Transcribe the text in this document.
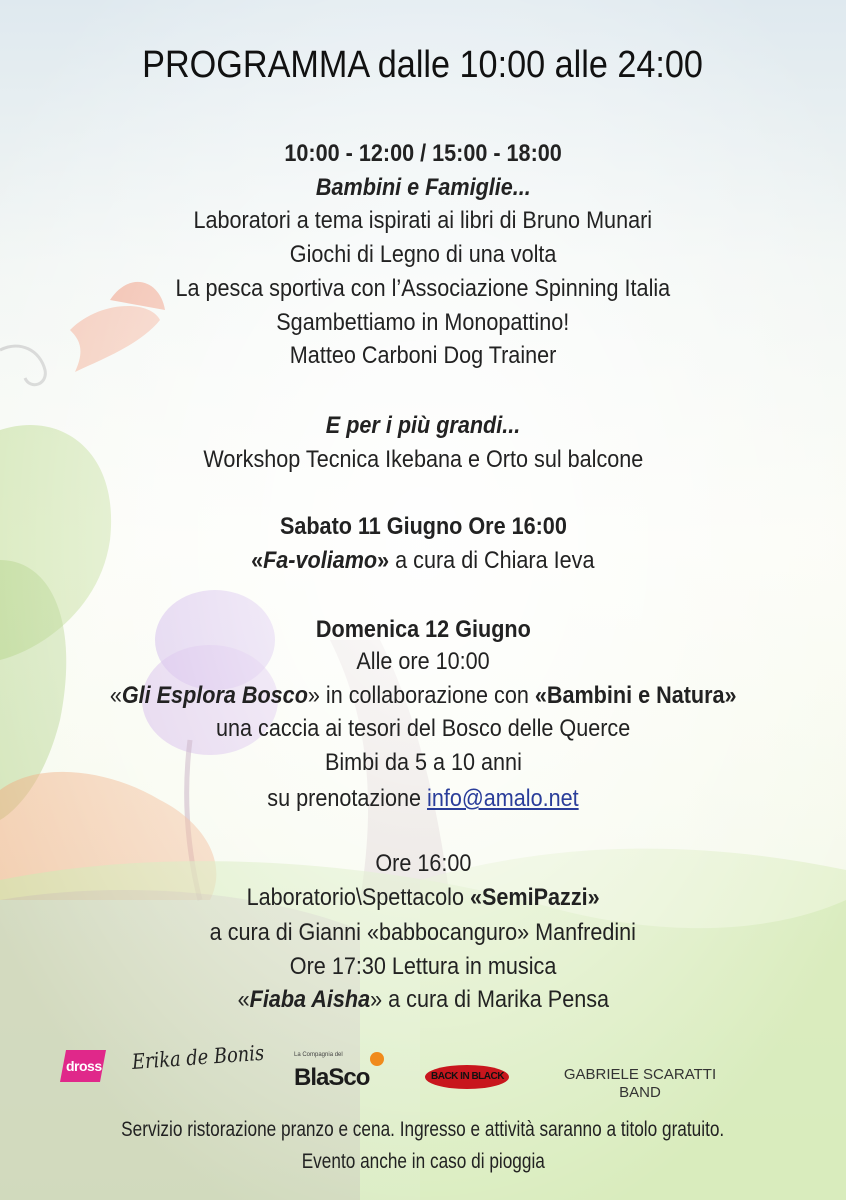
PROGRAMMA dalle 10:00 alle 24:00
10:00 - 12:00 / 15:00 - 18:00
Bambini e Famiglie...
Laboratori a tema ispirati ai libri di Bruno Munari
Giochi di Legno di una volta
La pesca sportiva con l’Associazione Spinning Italia
Sgambettiamo in Monopattino!
Matteo Carboni Dog Trainer
E per i più grandi...
Workshop Tecnica Ikebana e Orto sul balcone
Sabato 11 Giugno Ore 16:00
«Fa-voliamo» a cura di Chiara Ieva
Domenica 12 Giugno
Alle ore 10:00
«Gli Esplora Bosco» in collaborazione con «Bambini e Natura»
una caccia ai tesori del Bosco delle Querce
Bimbi da 5 a 10 anni
su prenotazione info@amalo.net
Ore 16:00
Laboratorio\Spettacolo «SemiPazzi»
a cura di Gianni «babbocanguro» Manfredini
Ore 17:30 Lettura in musica
«Fiaba Aisha» a cura di Marika Pensa
dross Erika de Bonis	La Compagnia del
BlaSco	BACK IN BLACK	GABRIELE SCARATTI
BAND
Servizio ristorazione pranzo e cena. Ingresso e attività saranno a titolo gratuito.
Evento anche in caso di pioggia
